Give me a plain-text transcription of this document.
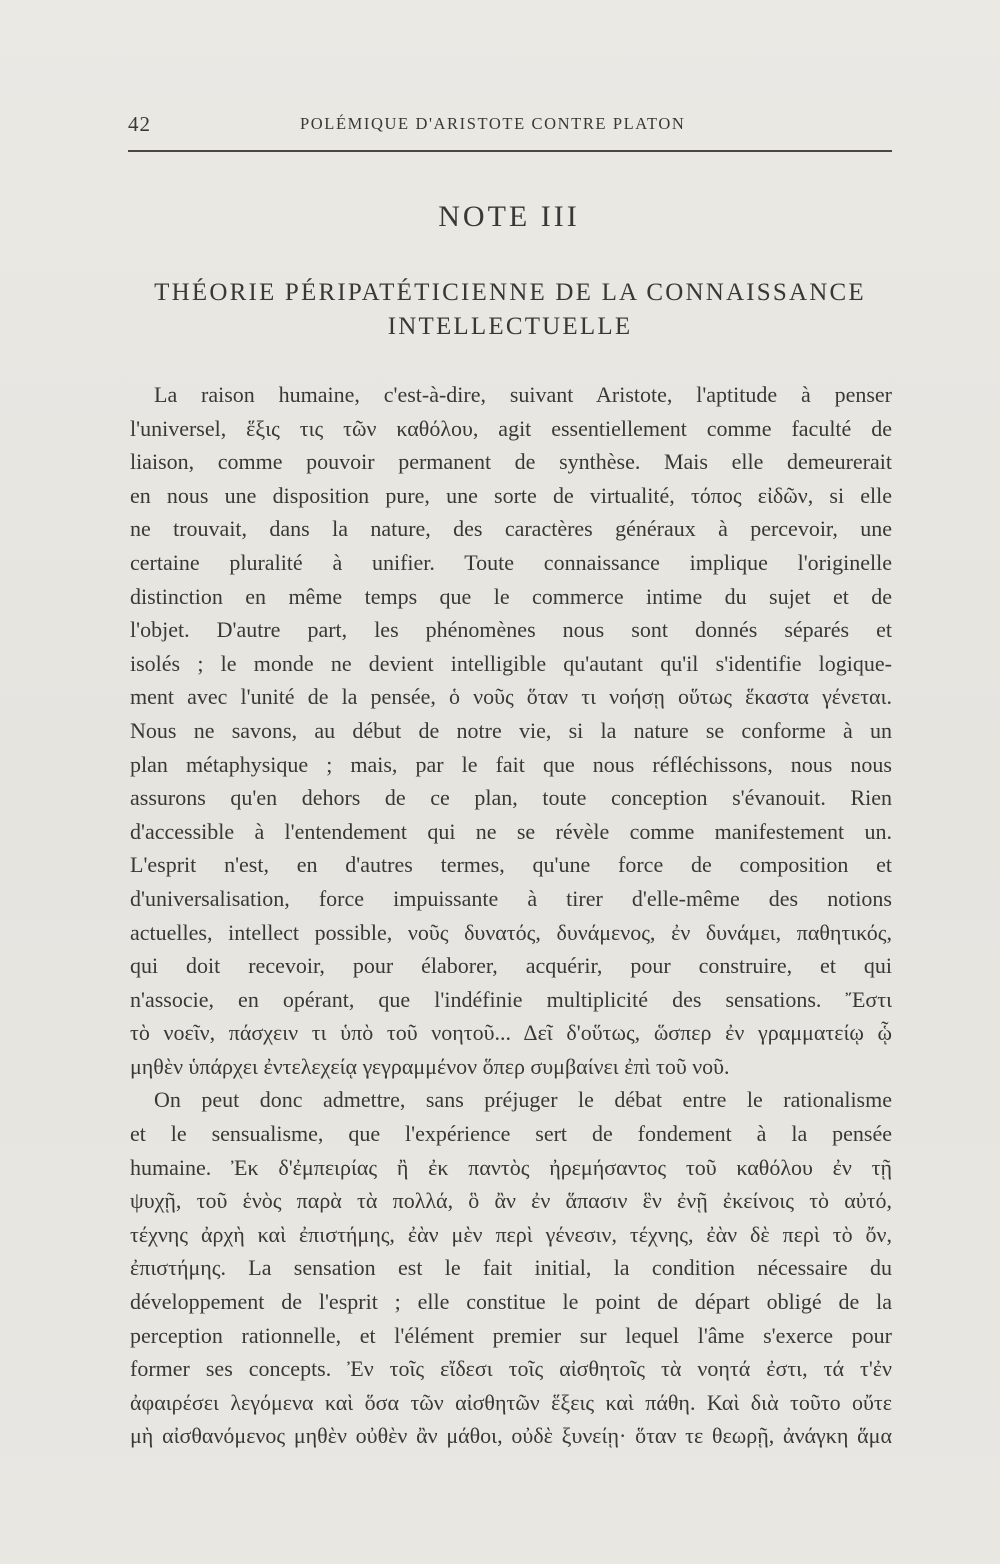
42	POLÉMIQUE D'ARISTOTE CONTRE PLATON
NOTE III
THÉORIE PÉRIPATÉTICIENNE DE LA CONNAISSANCE
INTELLECTUELLE
La raison humaine, c'est-à-dire, suivant Aristote, l'aptitude à penser
l'universel, ἕξις τις τῶν καθόλου, agit essentiellement comme faculté de
liaison, comme pouvoir permanent de synthèse. Mais elle demeurerait
en nous une disposition pure, une sorte de virtualité, τόπος εἰδῶν, si elle
ne trouvait, dans la nature, des caractères généraux à percevoir, une
certaine pluralité à unifier. Toute connaissance implique l'originelle
distinction en même temps que le commerce intime du sujet et de
l'objet. D'autre part, les phénomènes nous sont donnés séparés et
isolés ; le monde ne devient intelligible qu'autant qu'il s'identifie logique-
ment avec l'unité de la pensée, ὁ νοῦς ὅταν τι νοήσῃ οὕτως ἕκαστα γένεται.
Nous ne savons, au début de notre vie, si la nature se conforme à un
plan métaphysique ; mais, par le fait que nous réfléchissons, nous nous
assurons qu'en dehors de ce plan, toute conception s'évanouit. Rien
d'accessible à l'entendement qui ne se révèle comme manifestement un.
L'esprit n'est, en d'autres termes, qu'une force de composition et
d'universalisation, force impuissante à tirer d'elle-même des notions
actuelles, intellect possible, νοῦς δυνατός, δυνάμενος, ἐν δυνάμει, παθητικός,
qui doit recevoir, pour élaborer, acquérir, pour construire, et qui
n'associe, en opérant, que l'indéfinie multiplicité des sensations. Ἔστι
τὸ νοεῖν, πάσχειν τι ὑπὸ τοῦ νοητοῦ... Δεῖ δ'οὕτως, ὥσπερ ἐν γραμματείῳ ᾧ
μηθὲν ὑπάρχει ἐντελεχείᾳ γεγραμμένον ὅπερ συμβαίνει ἐπὶ τοῦ νοῦ.
On peut donc admettre, sans préjuger le débat entre le rationalisme
et le sensualisme, que l'expérience sert de fondement à la pensée
humaine. Ἐκ δ'ἐμπειρίας ἢ ἐκ παντὸς ἠρεμήσαντος τοῦ καθόλου ἐν τῇ
ψυχῇ, τοῦ ἑνὸς παρὰ τὰ πολλά, ὃ ἂν ἐν ἅπασιν ἓν ἐνῇ ἐκείνοις τὸ αὐτό,
τέχνης ἀρχὴ καὶ ἐπιστήμης, ἐὰν μὲν περὶ γένεσιν, τέχνης, ἐὰν δὲ περὶ τὸ ὄν,
ἐπιστήμης. La sensation est le fait initial, la condition nécessaire du
développement de l'esprit ; elle constitue le point de départ obligé de la
perception rationnelle, et l'élément premier sur lequel l'âme s'exerce pour
former ses concepts. Ἐν τοῖς εἴδεσι τοῖς αἰσθητοῖς τὰ νοητά ἐστι, τά τ'ἐν
ἀφαιρέσει λεγόμενα καὶ ὅσα τῶν αἰσθητῶν ἕξεις καὶ πάθη. Καὶ διὰ τοῦτο οὔτε
μὴ αἰσθανόμενος μηθὲν οὐθὲν ἂν μάθοι, οὐδὲ ξυνείῃ· ὅταν τε θεωρῇ, ἀνάγκη ἅμα
